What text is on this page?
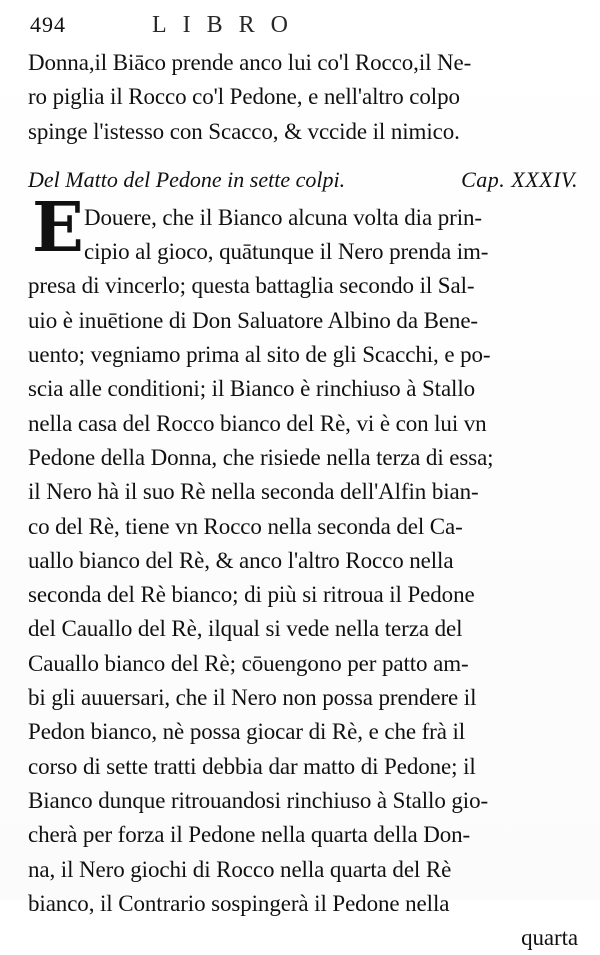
494	LIBRO
Donna,il Biāco prende anco lui co'l Rocco,il Ne-
ro piglia il Rocco co'l Pedone, e nell'altro colpo
spinge l'istesso con Scacco, & vccide il nimico.
Del Matto del Pedone in sette colpi.	Cap. XXXIV.
E Douere, che il Bianco alcuna volta dia prin-
cipio al gioco, quātunque il Nero prenda im-
presa di vincerlo; questa battaglia secondo il Sal-
uio è inuētione di Don Saluatore Albino da Bene-
uento; vegniamo prima al sito de gli Scacchi, e po-
scia alle conditioni; il Bianco è rinchiuso à Stallo
nella casa del Rocco bianco del Rè, vi è con lui vn
Pedone della Donna, che risiede nella terza di essa;
il Nero hà il suo Rè nella seconda dell'Alfin bian-
co del Rè, tiene vn Rocco nella seconda del Ca-
uallo bianco del Rè, & anco l'altro Rocco nella
seconda del Rè bianco; di più si ritroua il Pedone
del Cauallo del Rè, ilqual si vede nella terza del
Cauallo bianco del Rè; cōuengono per patto am-
bi gli auuersari, che il Nero non possa prendere il
Pedon bianco, nè possa giocar di Rè, e che frà il
corso di sette tratti debbia dar matto di Pedone; il
Bianco dunque ritrouandosi rinchiuso à Stallo gio-
cherà per forza il Pedone nella quarta della Don-
na, il Nero giochi di Rocco nella quarta del Rè
bianco, il Contrario sospingerà il Pedone nella
quarta
